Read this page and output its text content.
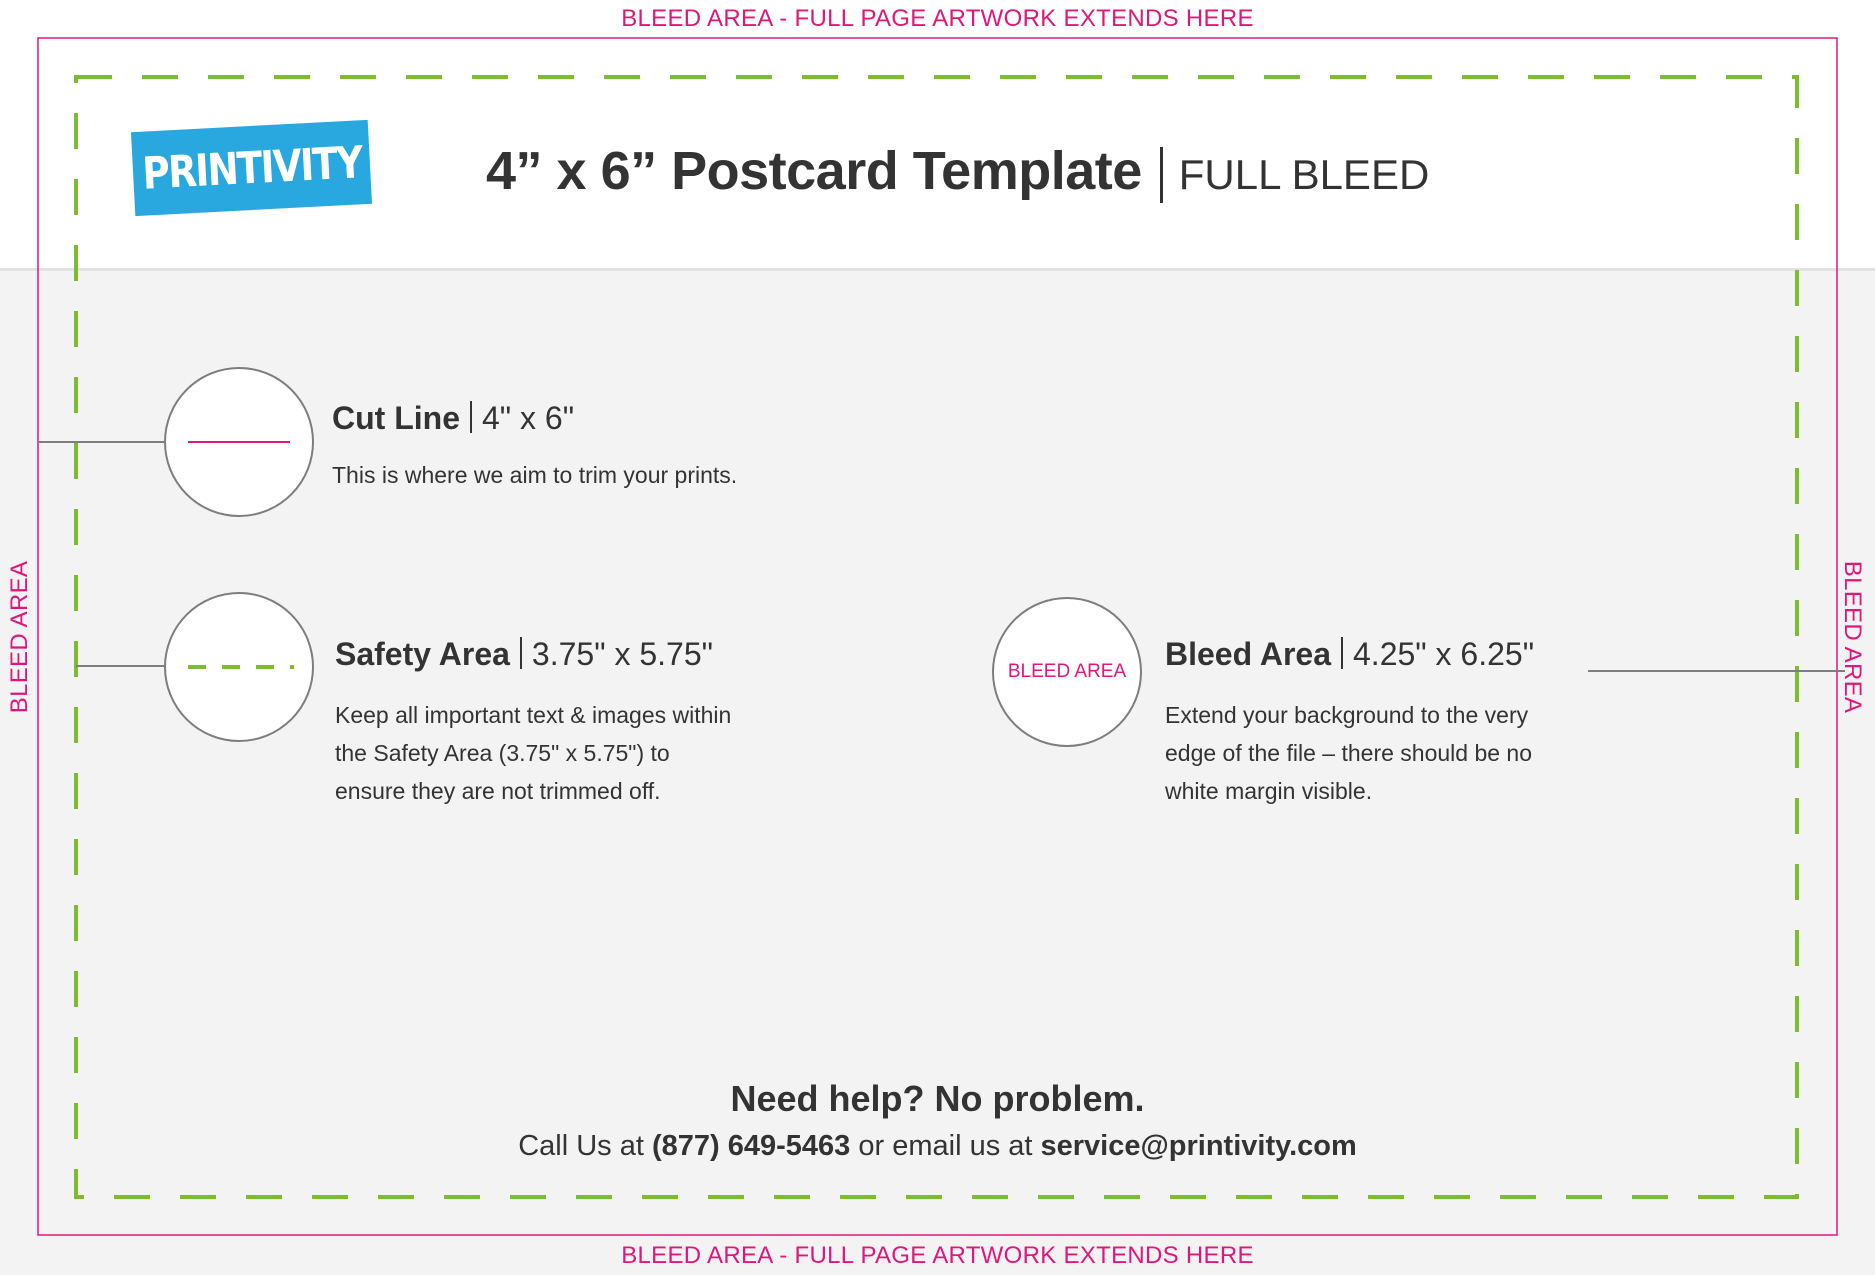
BLEED AREA - FULL PAGE ARTWORK EXTENDS HERE
BLEED AREA - FULL PAGE ARTWORK EXTENDS HERE
BLEED AREA	BLEED AREA
PRINTIVITY 4” x 6” Postcard Template FULL BLEED
Cut Line 4" x 6"
This is where we aim to trim your prints.
Safety Area 3.75" x 5.75"
Keep all important text & images within
the Safety Area (3.75" x 5.75") to
ensure they are not trimmed off.
BLEED AREA Bleed Area 4.25" x 6.25"
Extend your background to the very
edge of the file – there should be no
white margin visible.
Need help? No problem.
Call Us at (877) 649-5463 or email us at service@printivity.com
